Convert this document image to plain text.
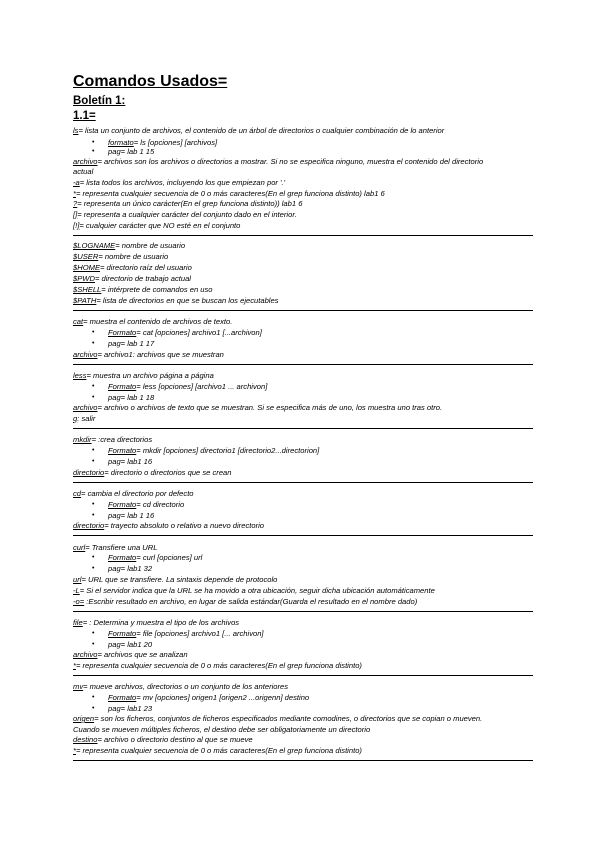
Comandos Usados=
Boletín 1:
1.1=
ls= lista un conjunto de archivos, el contenido de un árbol de directorios o cualquier combinación de lo anterior
• formato= ls [opciones] [archivos]
• pag= lab 1 15
archivo= archivos son los archivos o directorios a mostrar. Si no se especifica ninguno, muestra el contenido del directorio
actual
-a= lista todos los archivos, incluyendo los que empiezan por '.'
*= representa cualquier secuencia de 0 o más caracteres(En el grep funciona distinto) lab1 6
?= representa un único carácter(En el grep funciona distinto)) lab1 6
[]= representa a cualquier carácter del conjunto dado en el interior.
[!]= cualquier carácter que NO esté en el conjunto
$LOGNAME= nombre de usuario
$USER= nombre de usuario
$HOME= directorio raíz del usuario
$PWD= directorio de trabajo actual
$SHELL= intérprete de comandos en uso
$PATH= lista de directorios en que se buscan los ejecutables
cat= muestra el contenido de archivos de texto.
• Formato= cat [opciones] archivo1 [...archivon]
• pag= lab 1 17
archivo= archivo1: archivos que se muestran
less= muestra un archivo página a página
• Formato= less [opciones] [archivo1 ... archivon]
• pag= lab 1 18
archivo= archivo o archivos de texto que se muestran. Si se especifica más de uno, los muestra uno tras otro.
q: salir
mkdir= :crea directorios
• Formato= mkdir [opciones] directorio1 [directorio2...directorion]
• pag= lab1 16
directorio= directorio o directorios que se crean
cd= cambia el directorio por defecto
• Formato= cd directorio
• pag= lab 1 16
directorio= trayecto absoluto o relativo a nuevo directorio
curl= Transfiere una URL
• Formato= curl [opciones] url
• pag= lab1 32
url= URL que se transfiere. La sintaxis depende de protocolo
-L= Si el servidor indica que la URL se ha movido a otra ubicación, seguir dicha ubicación automáticamente
-o= :Escribir resultado en archivo, en lugar de salida estándar(Guarda el resultado en el nombre dado)
file= : Determina y muestra el tipo de los archivos
• Formato= file [opciones] archivo1 [... archivon]
• pag= lab1 20
archivo= archivos que se analizan
*= representa cualquier secuencia de 0 o más caracteres(En el grep funciona distinto)
mv= mueve archivos, directorios o un conjunto de los anteriores
• Formato= mv [opciones] origen1 [origen2 ...origenn] destino
• pag= lab1 23
origen= son los ficheros, conjuntos de ficheros especificados mediante comodines, o directorios que se copian o mueven.
Cuando se mueven múltiples ficheros, el destino debe ser obligatoriamente un directorio
destino= archivo o directorio destino al que se mueve
*= representa cualquier secuencia de 0 o más caracteres(En el grep funciona distinto)
